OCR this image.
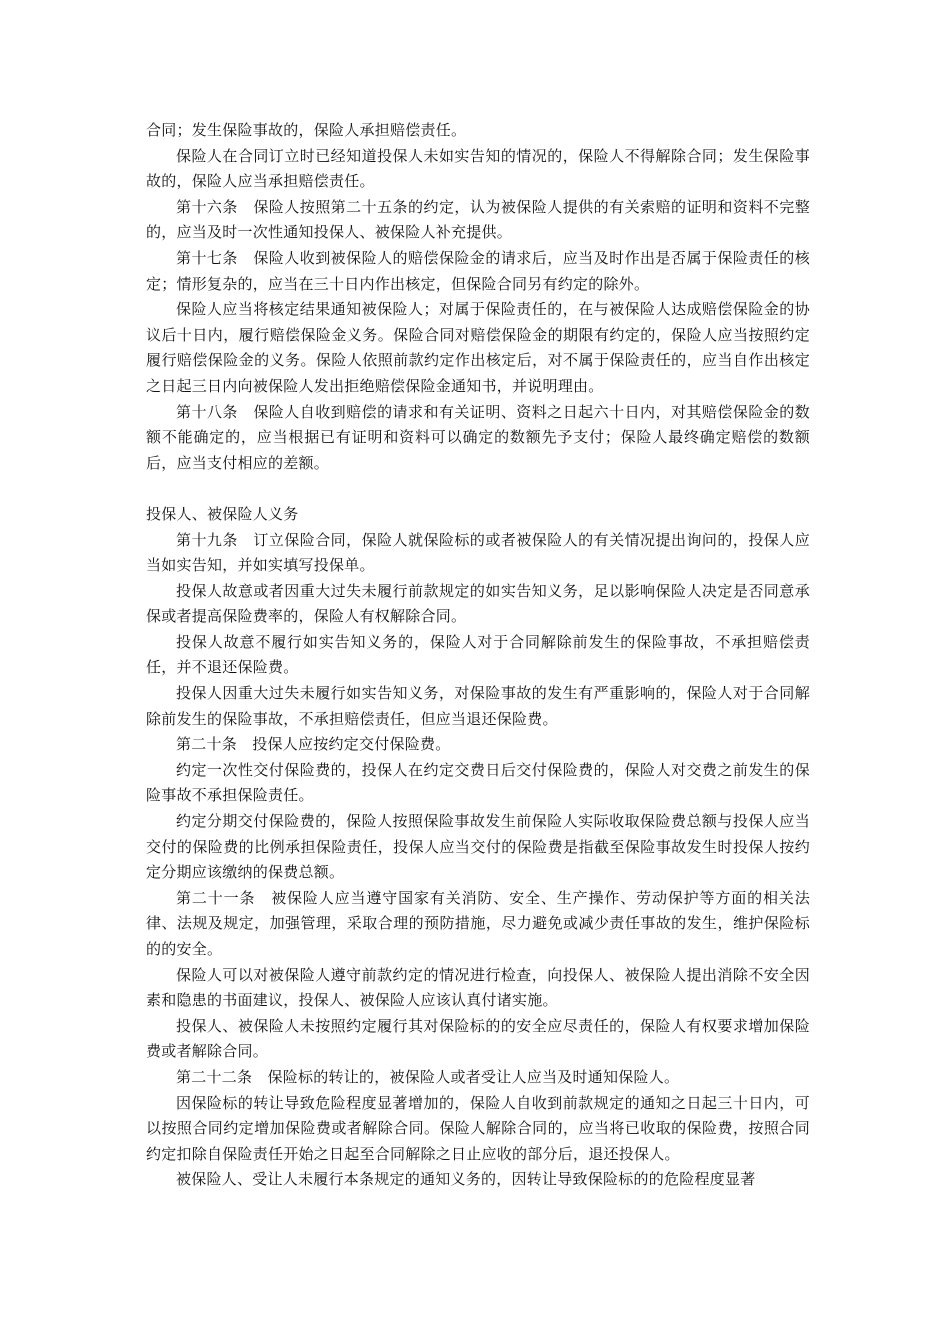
合同；发生保险事故的，保险人承担赔偿责任。

保险人在合同订立时已经知道投保人未如实告知的情况的，保险人不得解除合同；发生保险事故的，保险人应当承担赔偿责任。

第十六条　保险人按照第二十五条的约定，认为被保险人提供的有关索赔的证明和资料不完整的，应当及时一次性通知投保人、被保险人补充提供。

第十七条　保险人收到被保险人的赔偿保险金的请求后，应当及时作出是否属于保险责任的核定；情形复杂的，应当在三十日内作出核定，但保险合同另有约定的除外。

保险人应当将核定结果通知被保险人；对属于保险责任的，在与被保险人达成赔偿保险金的协议后十日内，履行赔偿保险金义务。保险合同对赔偿保险金的期限有约定的，保险人应当按照约定履行赔偿保险金的义务。保险人依照前款约定作出核定后，对不属于保险责任的，应当自作出核定之日起三日内向被保险人发出拒绝赔偿保险金通知书，并说明理由。

第十八条　保险人自收到赔偿的请求和有关证明、资料之日起六十日内，对其赔偿保险金的数额不能确定的，应当根据已有证明和资料可以确定的数额先予支付；保险人最终确定赔偿的数额后，应当支付相应的差额。

投保人、被保险人义务

第十九条　订立保险合同，保险人就保险标的或者被保险人的有关情况提出询问的，投保人应当如实告知，并如实填写投保单。

投保人故意或者因重大过失未履行前款规定的如实告知义务，足以影响保险人决定是否同意承保或者提高保险费率的，保险人有权解除合同。

投保人故意不履行如实告知义务的，保险人对于合同解除前发生的保险事故，不承担赔偿责任，并不退还保险费。

投保人因重大过失未履行如实告知义务，对保险事故的发生有严重影响的，保险人对于合同解除前发生的保险事故，不承担赔偿责任，但应当退还保险费。

第二十条　投保人应按约定交付保险费。

约定一次性交付保险费的，投保人在约定交费日后交付保险费的，保险人对交费之前发生的保险事故不承担保险责任。

约定分期交付保险费的，保险人按照保险事故发生前保险人实际收取保险费总额与投保人应当交付的保险费的比例承担保险责任，投保人应当交付的保险费是指截至保险事故发生时投保人按约定分期应该缴纳的保费总额。

第二十一条　被保险人应当遵守国家有关消防、安全、生产操作、劳动保护等方面的相关法律、法规及规定，加强管理，采取合理的预防措施，尽力避免或减少责任事故的发生，维护保险标的的安全。

保险人可以对被保险人遵守前款约定的情况进行检查，向投保人、被保险人提出消除不安全因素和隐患的书面建议，投保人、被保险人应该认真付诸实施。

投保人、被保险人未按照约定履行其对保险标的的安全应尽责任的，保险人有权要求增加保险费或者解除合同。

第二十二条　保险标的转让的，被保险人或者受让人应当及时通知保险人。

因保险标的转让导致危险程度显著增加的，保险人自收到前款规定的通知之日起三十日内，可以按照合同约定增加保险费或者解除合同。保险人解除合同的，应当将已收取的保险费，按照合同约定扣除自保险责任开始之日起至合同解除之日止应收的部分后，退还投保人。

被保险人、受让人未履行本条规定的通知义务的，因转让导致保险标的的危险程度显著
